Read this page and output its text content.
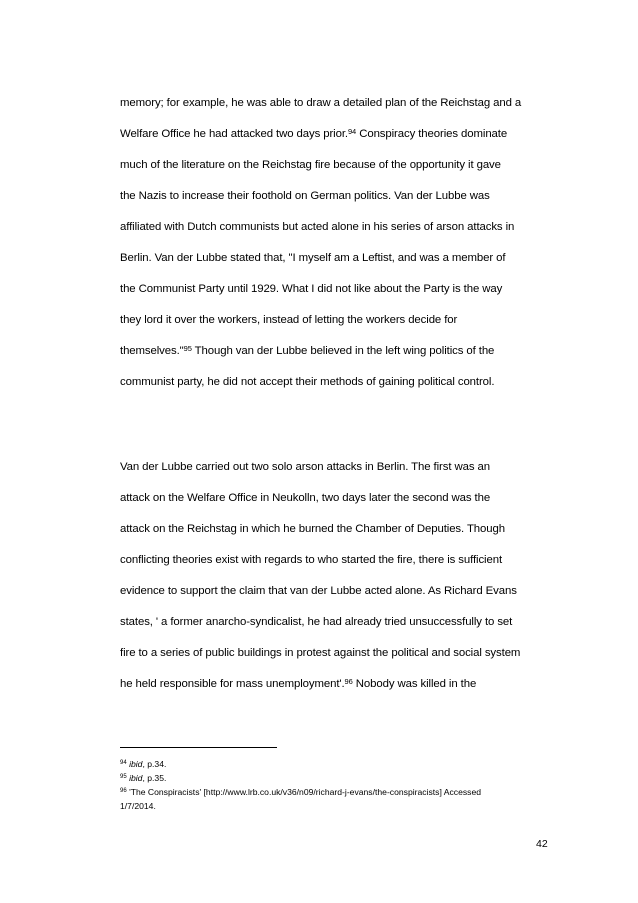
memory; for example, he was able to draw a detailed plan of the Reichstag and a
Welfare Office he had attacked two days prior.$^{94}$ Conspiracy theories dominate
much of the literature on the Reichstag fire because of the opportunity it gave
the Nazis to increase their foothold on German politics. Van der Lubbe was
affiliated with Dutch communists but acted alone in his series of arson attacks in
Berlin. Van der Lubbe stated that, "I myself am a Leftist, and was a member of
the Communist Party until 1929. What I did not like about the Party is the way
they lord it over the workers, instead of letting the workers decide for
themselves."$^{95}$ Though van der Lubbe believed in the left wing politics of the
communist party, he did not accept their methods of gaining political control.
Van der Lubbe carried out two solo arson attacks in Berlin. The first was an
attack on the Welfare Office in Neukolln, two days later the second was the
attack on the Reichstag in which he burned the Chamber of Deputies. Though
conflicting theories exist with regards to who started the fire, there is sufficient
evidence to support the claim that van der Lubbe acted alone. As Richard Evans
states, ' a former anarcho-syndicalist, he had already tried unsuccessfully to set
fire to a series of public buildings in protest against the political and social system
he held responsible for mass unemployment'.$^{96}$ Nobody was killed in the
$^{94}$ ibid, p.34.
$^{95}$ ibid, p.35.
$^{96}$ 'The Conspiracists' [http://www.lrb.co.uk/v36/n09/richard-j-evans/the-conspiracists] Accessed
1/7/2014.
42
